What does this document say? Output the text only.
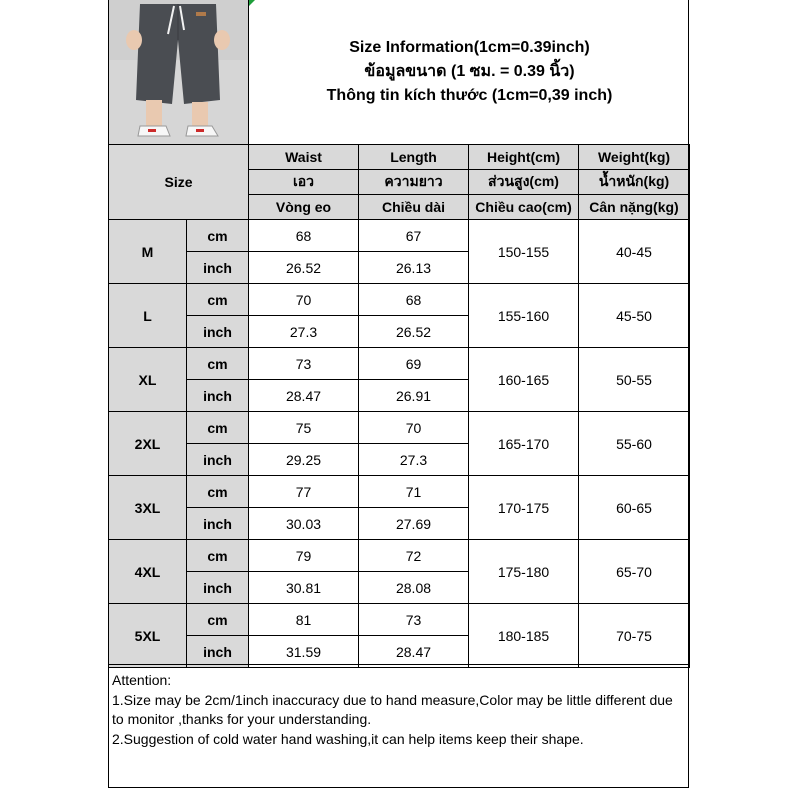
Size Information(1cm=0.39inch)
ข้อมูลขนาด (1 ซม. = 0.39 นิ้ว)
Thông tin kích thước (1cm=0,39 inch)
Size		Waist	Length	Height(cm)	Weight(kg)
		เอว	ความยาว	ส่วนสูง(cm)	น้ำหนัก(kg)
		Vòng eo	Chiều dài	Chiều cao(cm)	Cân nặng(kg)
M	cm	68	67	150-155	40-45
	inch	26.52	26.13		
L	cm	70	68	155-160	45-50
	inch	27.3	26.52		
XL	cm	73	69	160-165	50-55
	inch	28.47	26.91		
2XL	cm	75	70	165-170	55-60
	inch	29.25	27.3		
3XL	cm	77	71	170-175	60-65
	inch	30.03	27.69		
4XL	cm	79	72	175-180	65-70
	inch	30.81	28.08		
5XL	cm	81	73	180-185	70-75
	inch	31.59	28.47		
Attention:
1.Size may be 2cm/1inch inaccuracy due to hand measure,Color may be little different due to monitor ,thanks for your understanding.
2.Suggestion of cold water hand washing,it can help items keep their shape.
